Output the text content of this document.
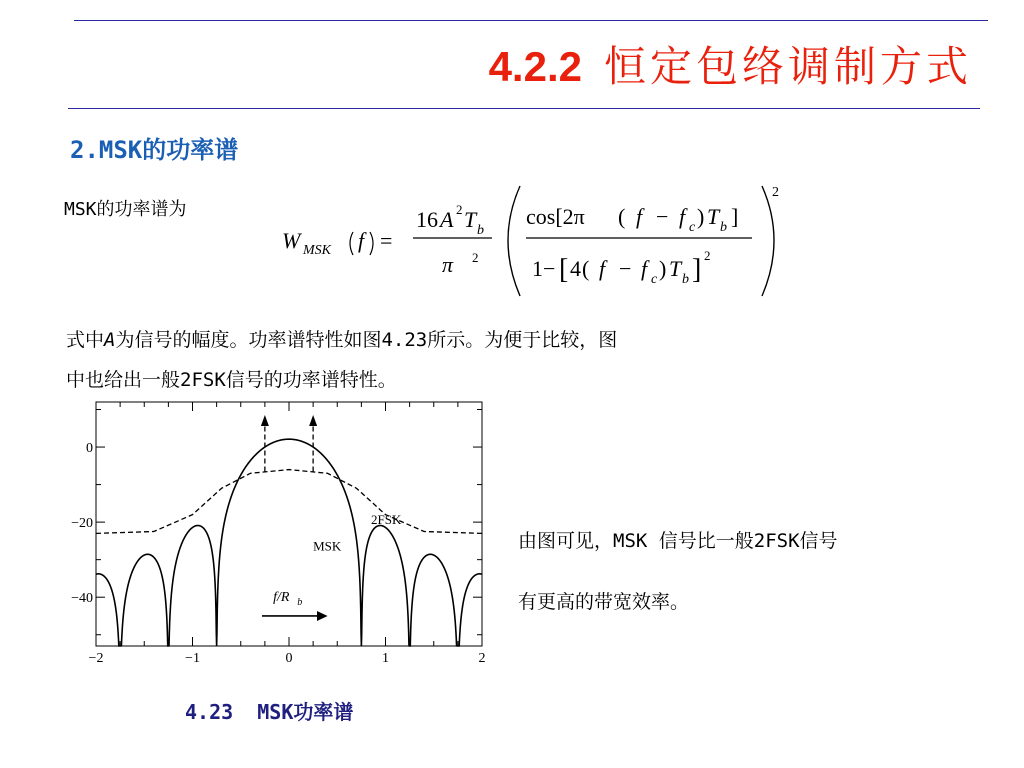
4.2.2 恒定包络调制方式
2.MSK的功率谱
MSK的功率谱为
W MSK f =
16 A 2 T b
π 2
2
cos[2π ( f − f c ) T b ]
1− [ 4 ( f − f c ) T b ] 2
式中A为信号的幅度。功率谱特性如图4.23所示。为便于比较，图
中也给出一般2FSK信号的功率谱特性。
−2	−1	0	1	2
0
−20
−40
2FSK
MSK
f/R b
由图可见，MSK 信号比一般2FSK信号
有更高的带宽效率。
4.23  MSK功率谱
